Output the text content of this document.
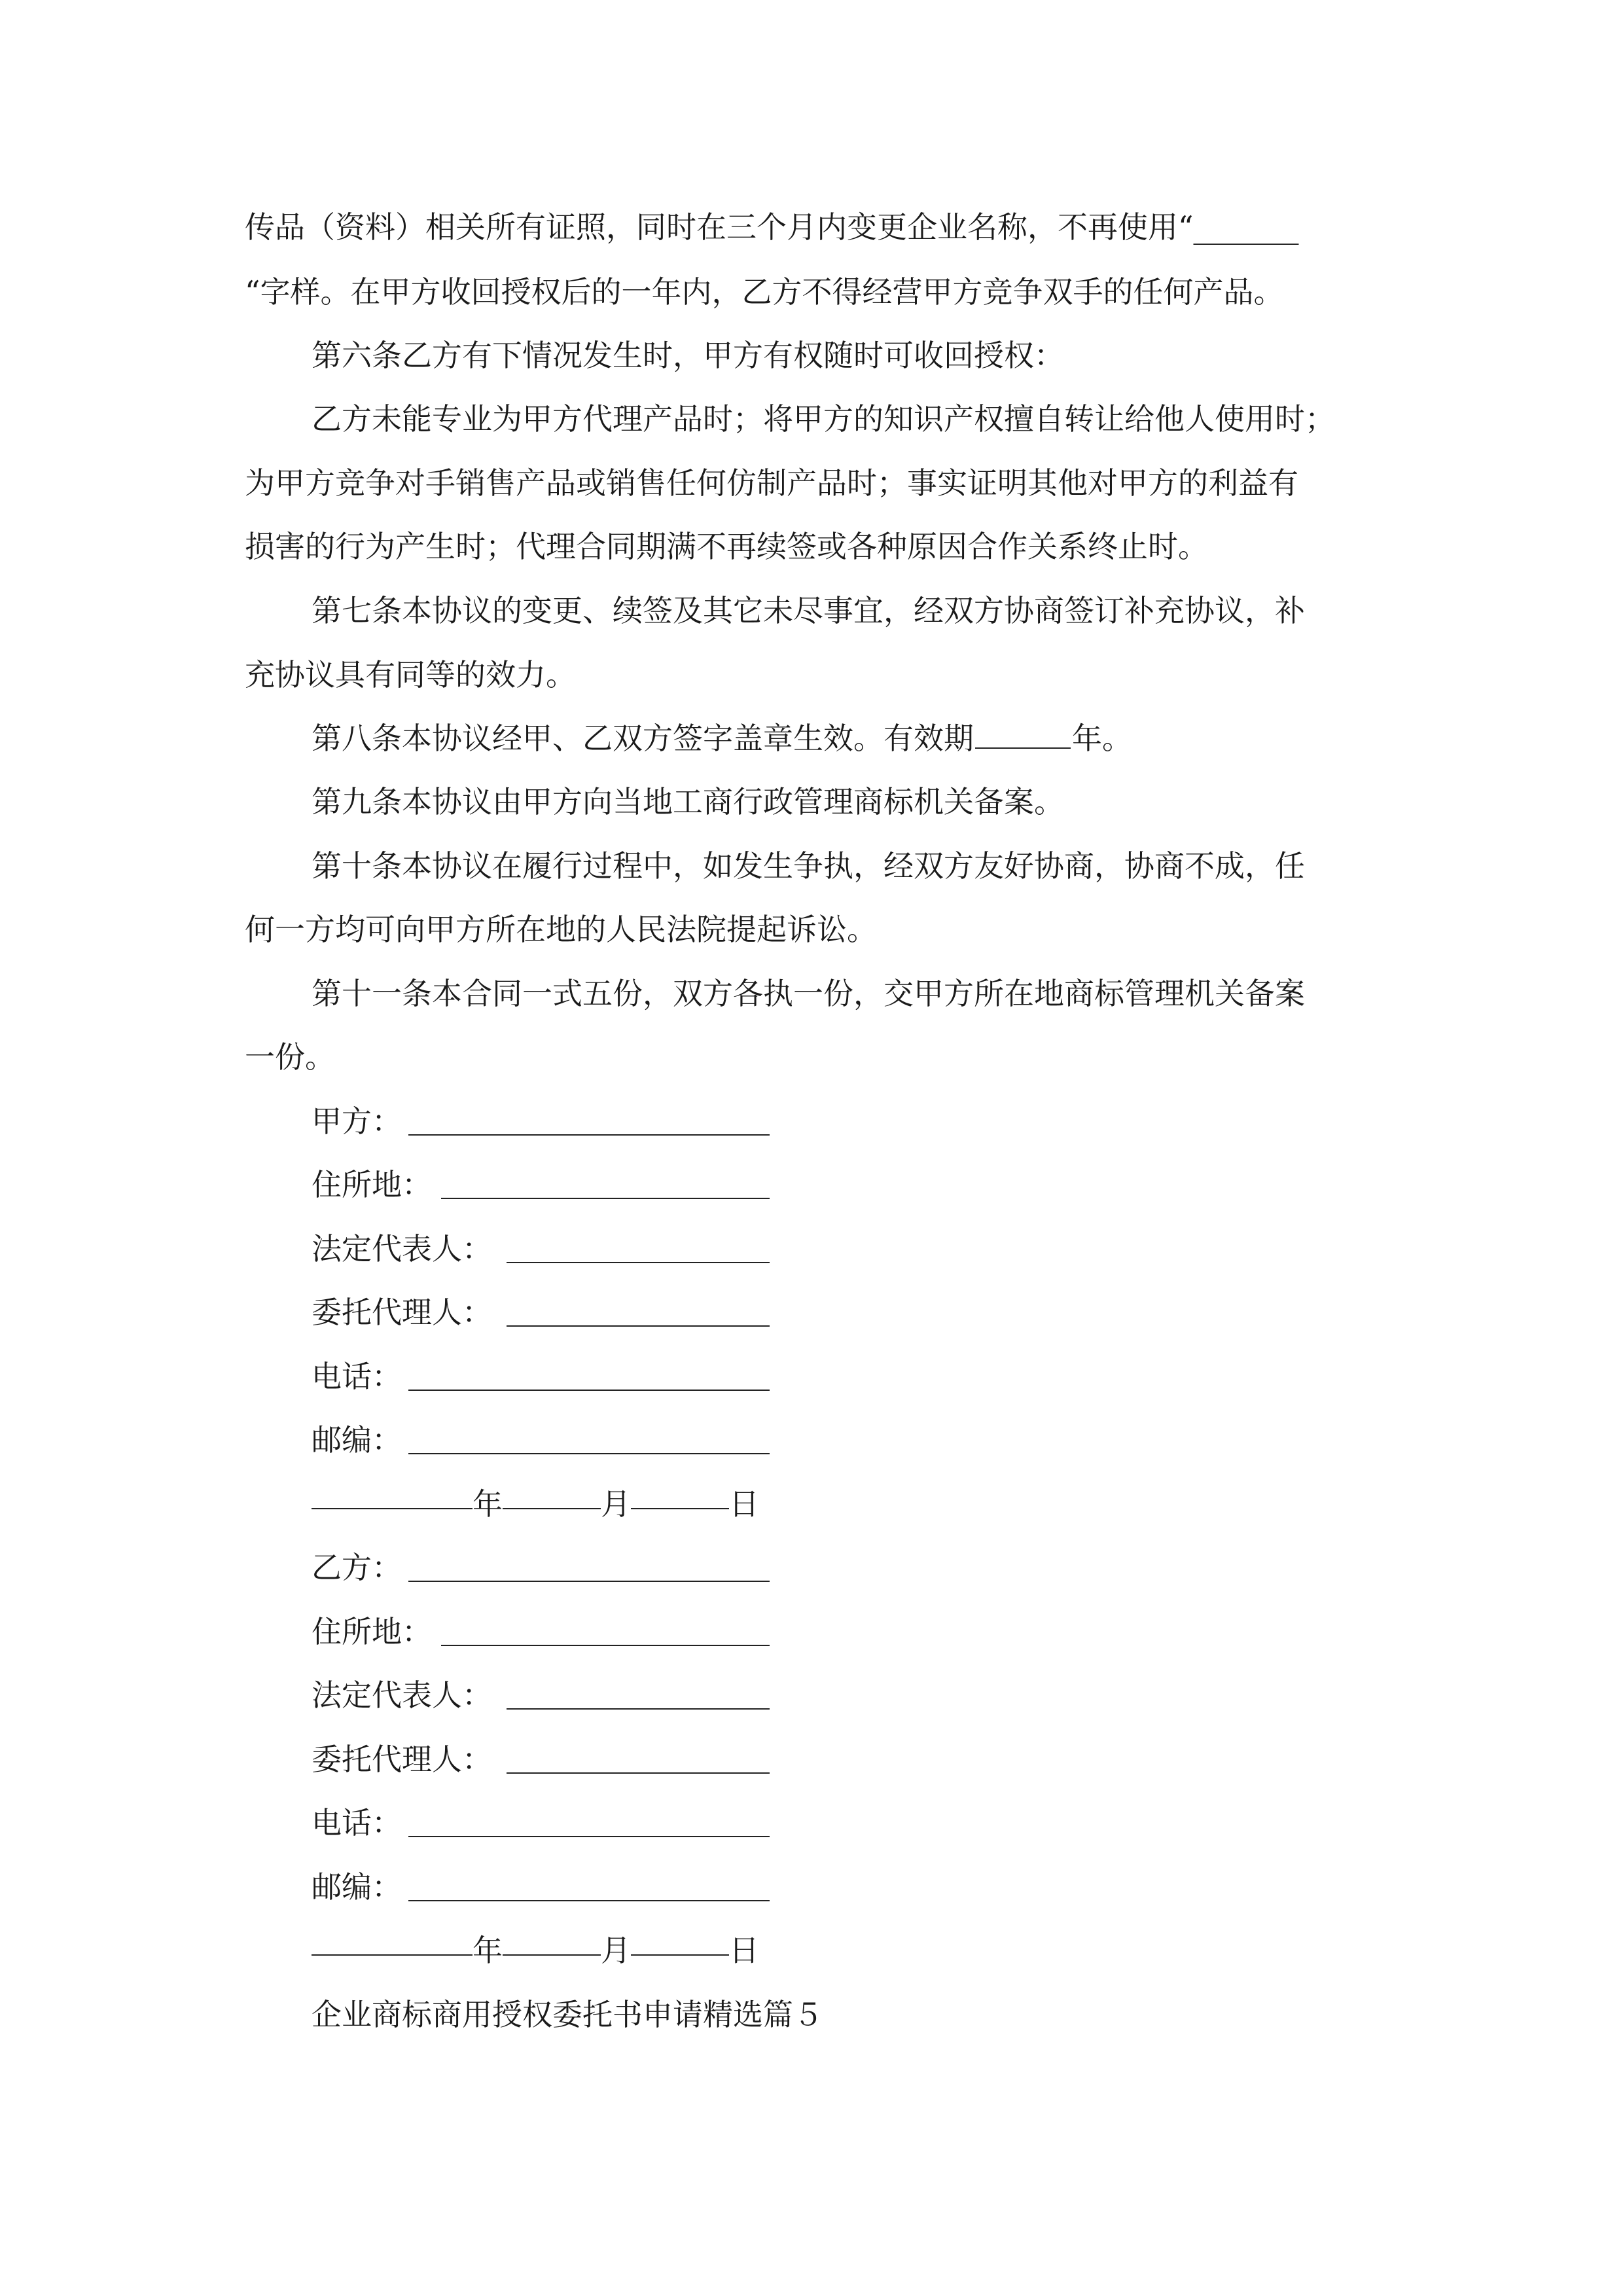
传品（资料）相关所有证照，同时在三个月内变更企业名称，不再使用“_______
“字样。在甲方收回授权后的一年内，乙方不得经营甲方竞争双手的任何产品。
第六条乙方有下情况发生时，甲方有权随时可收回授权：
乙方未能专业为甲方代理产品时；将甲方的知识产权擅自转让给他人使用时；
为甲方竞争对手销售产品或销售任何仿制产品时；事实证明其他对甲方的利益有
损害的行为产生时；代理合同期满不再续签或各种原因合作关系终止时。
第七条本协议的变更、续签及其它未尽事宜，经双方协商签订补充协议，补
充协议具有同等的效力。
第八条本协议经甲、乙双方签字盖章生效。有效期	年。
第九条本协议由甲方向当地工商行政管理商标机关备案。
第十条本协议在履行过程中，如发生争执，经双方友好协商，协商不成，任
何一方均可向甲方所在地的人民法院提起诉讼。
第十一条本合同一式五份，双方各执一份，交甲方所在地商标管理机关备案
一份。
甲方：
住所地：
法定代表人：
委托代理人：
电话：
邮编：
年	月	日
乙方：
住所地：
法定代表人：
委托代理人：
电话：
邮编：
年	月	日
企业商标商用授权委托书申请精选篇５
